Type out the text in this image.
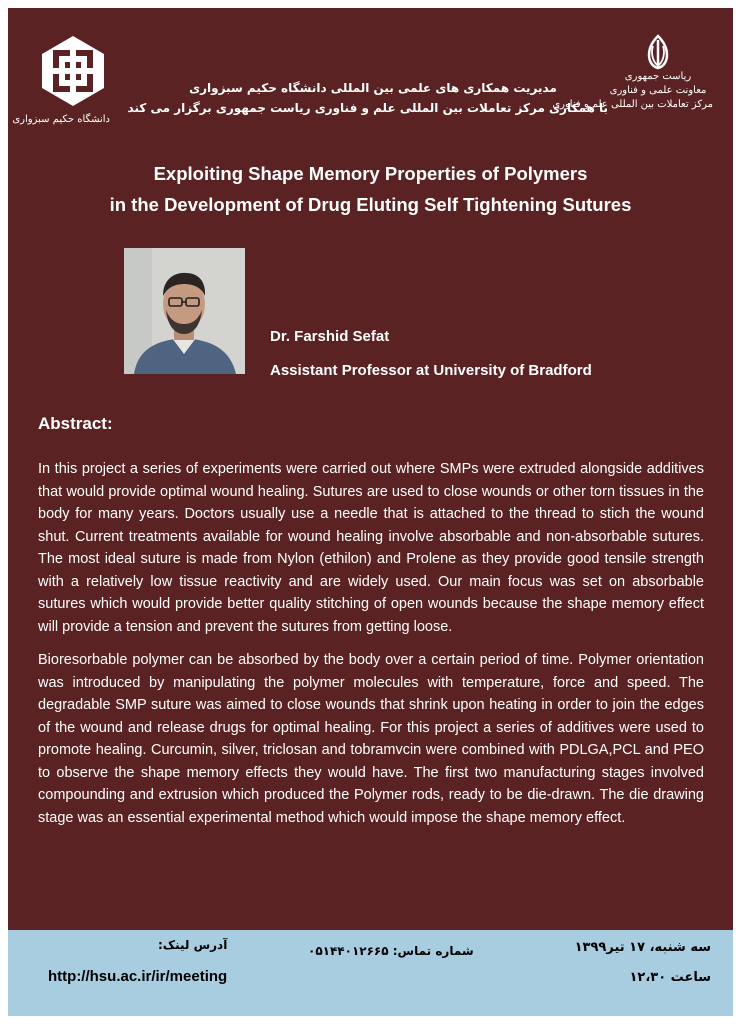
دانشگاه حکیم سبزواری
ریاست جمهوری
معاونت علمی و فناوری
مرکز تعاملات بین المللی علم و فناوری
مدیریت همکاری های علمی بین المللی دانشگاه حکیم سبزواری
با همکاری مرکز تعاملات بین المللی علم و فناوری ریاست جمهوری برگزار می کند
Exploiting Shape Memory Properties of Polymers
in the Development of Drug Eluting Self Tightening Sutures
Dr. Farshid Sefat
Assistant Professor at University of Bradford
Abstract:

In this project a series of experiments were carried out where SMPs were extruded alongside additives that would provide optimal wound healing. Sutures are used to close wounds or other torn tissues in the body for many years. Doctors usually use a needle that is attached to the thread to stich the wound shut. Current treatments available for wound healing involve absorbable and non-absorbable sutures. The most ideal suture is made from Nylon (ethilon) and Prolene as they provide good tensile strength with a relatively low tissue reactivity and are widely used. Our main focus was set on absorbable sutures which would provide better quality stitching of open wounds because the shape memory effect will provide a tension and prevent the sutures from getting loose.

Bioresorbable polymer can be absorbed by the body over a certain period of time. Polymer orientation was introduced by manipulating the polymer molecules with temperature, force and speed. The degradable SMP suture was aimed to close wounds that shrink upon heating in order to join the edges of the wound and release drugs for optimal healing. For this project a series of additives were used to promote healing. Curcumin, silver, triclosan and tobramvcin were combined with PDLGA,PCL and PEO to observe the shape memory effects they would have. The first two manufacturing stages involved compounding and extrusion which produced the Polymer rods, ready to be die-drawn. The die drawing stage was an essential experimental method which would impose the shape memory effect.

آدرس لینک:
http://hsu.ac.ir/ir/meeting
شماره تماس: ۰۵۱۴۴۰۱۲۶۶۵	سه شنبه، ۱۷ تیر۱۳۹۹
ساعت ۱۲،۳۰
